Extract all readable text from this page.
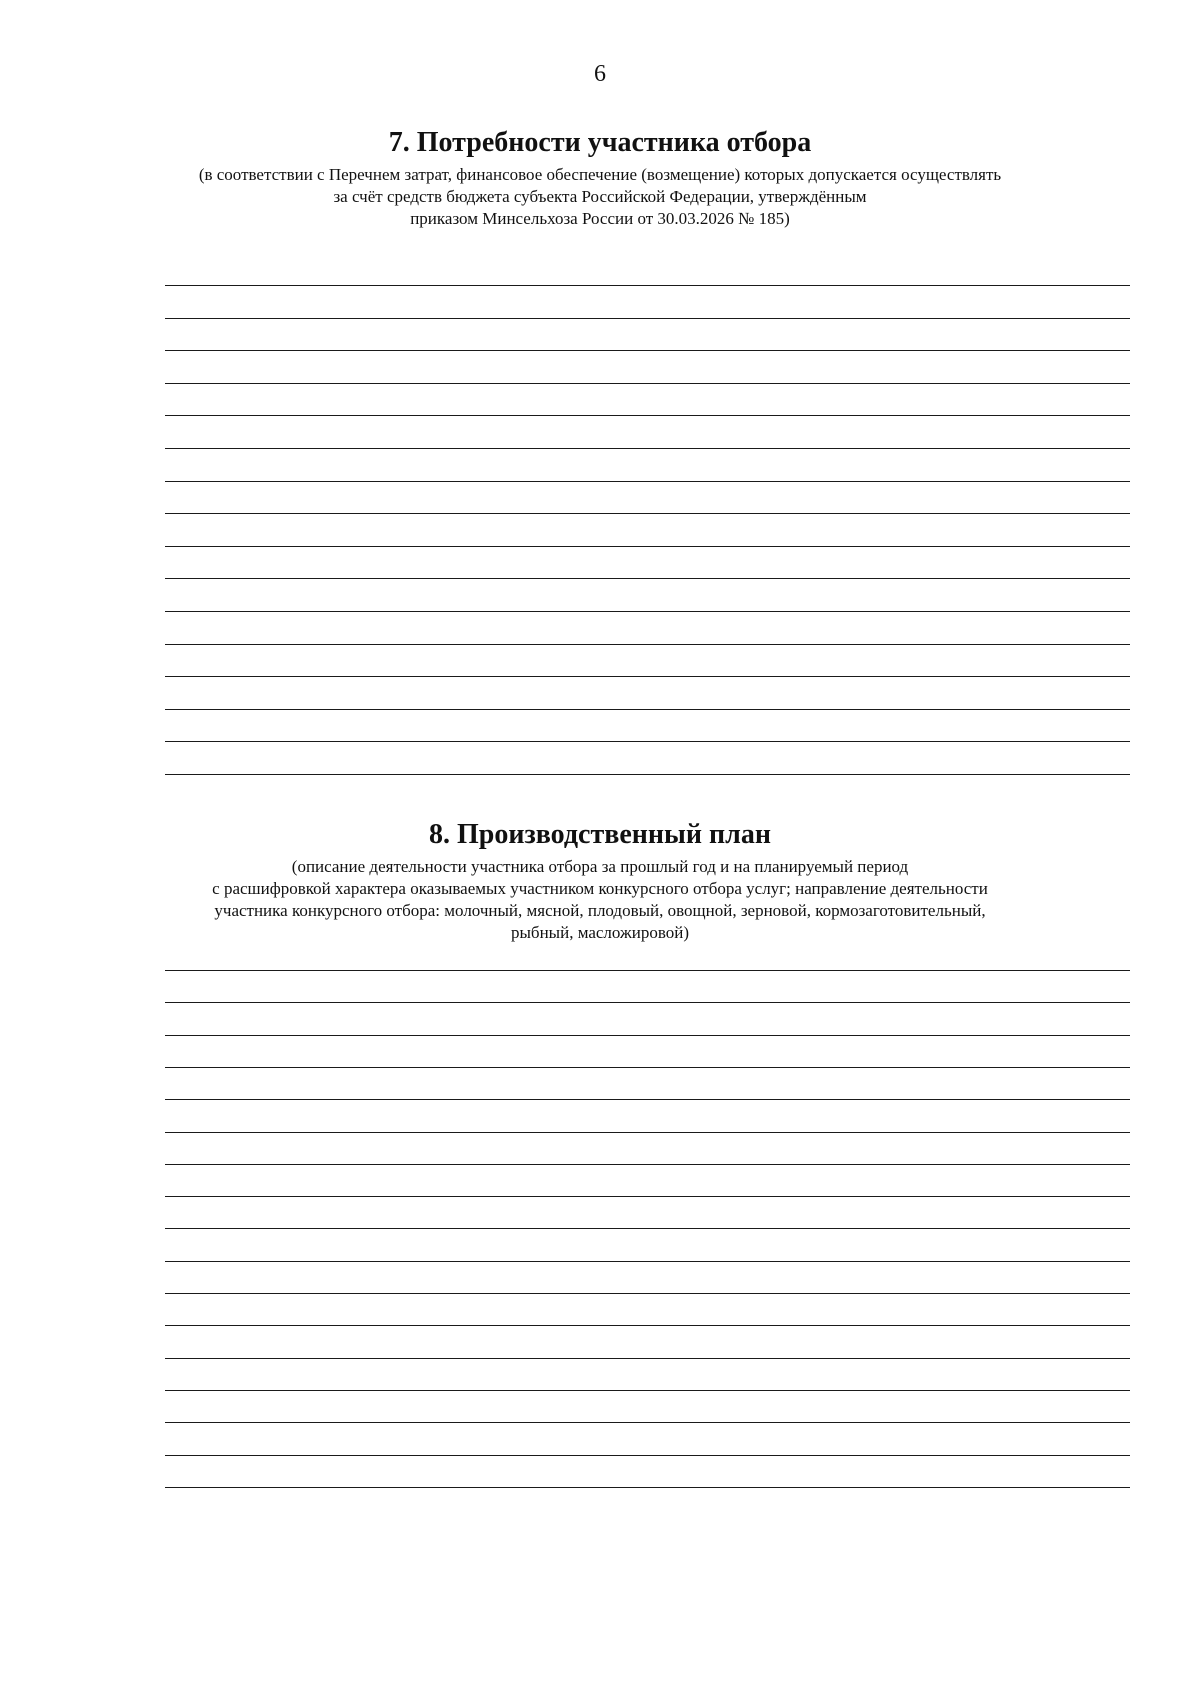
6
7. Потребности участника отбора
(в соответствии с Перечнем затрат, финансовое обеспечение (возмещение) которых допускается осуществлять
за счёт средств бюджета субъекта Российской Федерации, утверждённым
приказом Минсельхоза России от 30.03.2026 № 185)
8. Производственный план
(описание деятельности участника отбора за прошлый год и на планируемый период
с расшифровкой характера оказываемых участником конкурсного отбора услуг; направление деятельности
участника конкурсного отбора: молочный, мясной, плодовый, овощной, зерновой, кормозаготовительный,
рыбный, масложировой)
